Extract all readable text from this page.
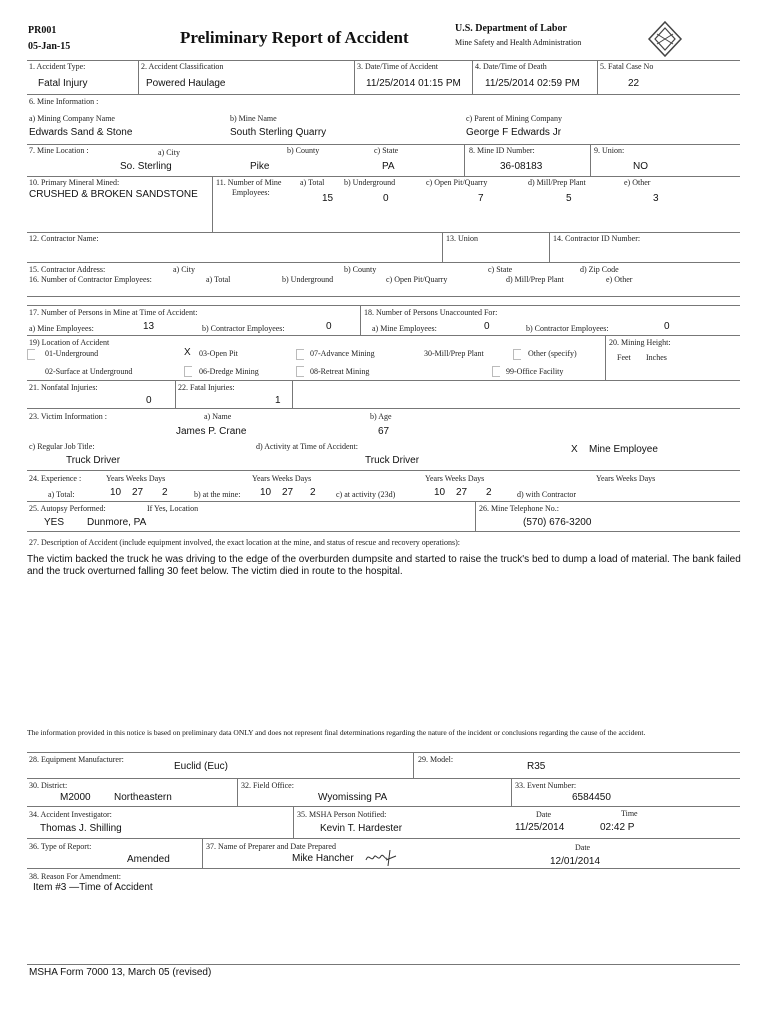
PR001
05-Jan-15	Preliminary Report of Accident	U.S. Department of Labor
Mine Safety and Health Administration
1. Accident Type:
Fatal Injury
2. Accident Classification
Powered Haulage
3. Date/Time of Accident
11/25/2014 01:15 PM
4. Date/Time of Death
11/25/2014 02:59 PM
5. Fatal Case No
22
6. Mine Information :
a) Mining Company Name
Edwards Sand & Stone
b) Mine Name
South Sterling Quarry
c) Parent of Mining Company
George F Edwards Jr
7. Mine Location :	a) City
So. Sterling
b) County
Pike
c) State
PA
8. Mine ID Number:
36-08183
9. Union:
NO
10. Primary Mineral Mined:
CRUSHED & BROKEN SANDSTONE
11. Number of Mine
Employees:
a) Total
15
b) Underground
0
c) Open Pit/Quarry
7
d) Mill/Prep Plant
5
e) Other
3
12. Contractor Name:	13. Union	14. Contractor ID Number:
15. Contractor Address:	a) City	b) County	c) State	d) Zip Code
16. Number of Contractor Employees:	a) Total	b) Underground	c) Open Pit/Quarry	d) Mill/Prep Plant	e) Other
17. Number of Persons in Mine at Time of Accident:
a) Mine Employees:	13	b) Contractor Employees:	0
18. Number of Persons Unaccounted For:
a) Mine Employees:	0	b) Contractor Employees:	0
19) Location of Accident
01-Underground
02-Surface at Underground
X 03-Open Pit
06-Dredge Mining
07-Advance Mining
08-Retreat Mining
30-Mill/Prep Plant
99-Office Facility
Other (specify)
20. Mining Height:
Feet Inches
21. Nonfatal Injuries:
0
22. Fatal Injuries:
1
23. Victim Information :	a) Name
James P. Crane
b) Age
67
c) Regular Job Title:
Truck Driver
d) Activity at Time of Accident:
Truck Driver
X Mine Employee
24. Experience :	Years Weeks Days	Years Weeks Days	Years Weeks Days	Years Weeks Days
a) Total:	10 27 2	b) at the mine: 10 27 2	c) at activity (23d)	10 27 2	d) with Contractor
25. Autopsy Performed:
YES
If Yes, Location
Dunmore, PA
26. Mine Telephone No.:
(570) 676-3200
27. Description of Accident (include equipment involved, the exact location at the mine, and status of rescue and recovery operations):
The victim backed the truck he was driving to the edge of the overburden dumpsite and started to raise the truck's bed to dump a load of material. The bank failed and the truck overturned falling 30 feet below. The victim died in route to the hospital.
The information provided in this notice is based on preliminary data ONLY and does not represent final determinations regarding the nature of the incident or conclusions regarding the cause of the accident.
28. Equipment Manufacturer:
Euclid (Euc)
29. Model:
R35
30. District:
M2000 Northeastern
32. Field Office:
Wyomissing PA
33. Event Number:
6584450
34. Accident Investigator:
Thomas J. Shilling
35. MSHA Person Notified:
Kevin T. Hardester
Date
11/25/2014
Time
02:42 P
36. Type of Report:
Amended
37. Name of Preparer and Date Prepared
Mike Hancher
Date
12/01/2014
38. Reason For Amendment:
Item #3 —Time of Accident
MSHA Form 7000 13, March 05 (revised)
